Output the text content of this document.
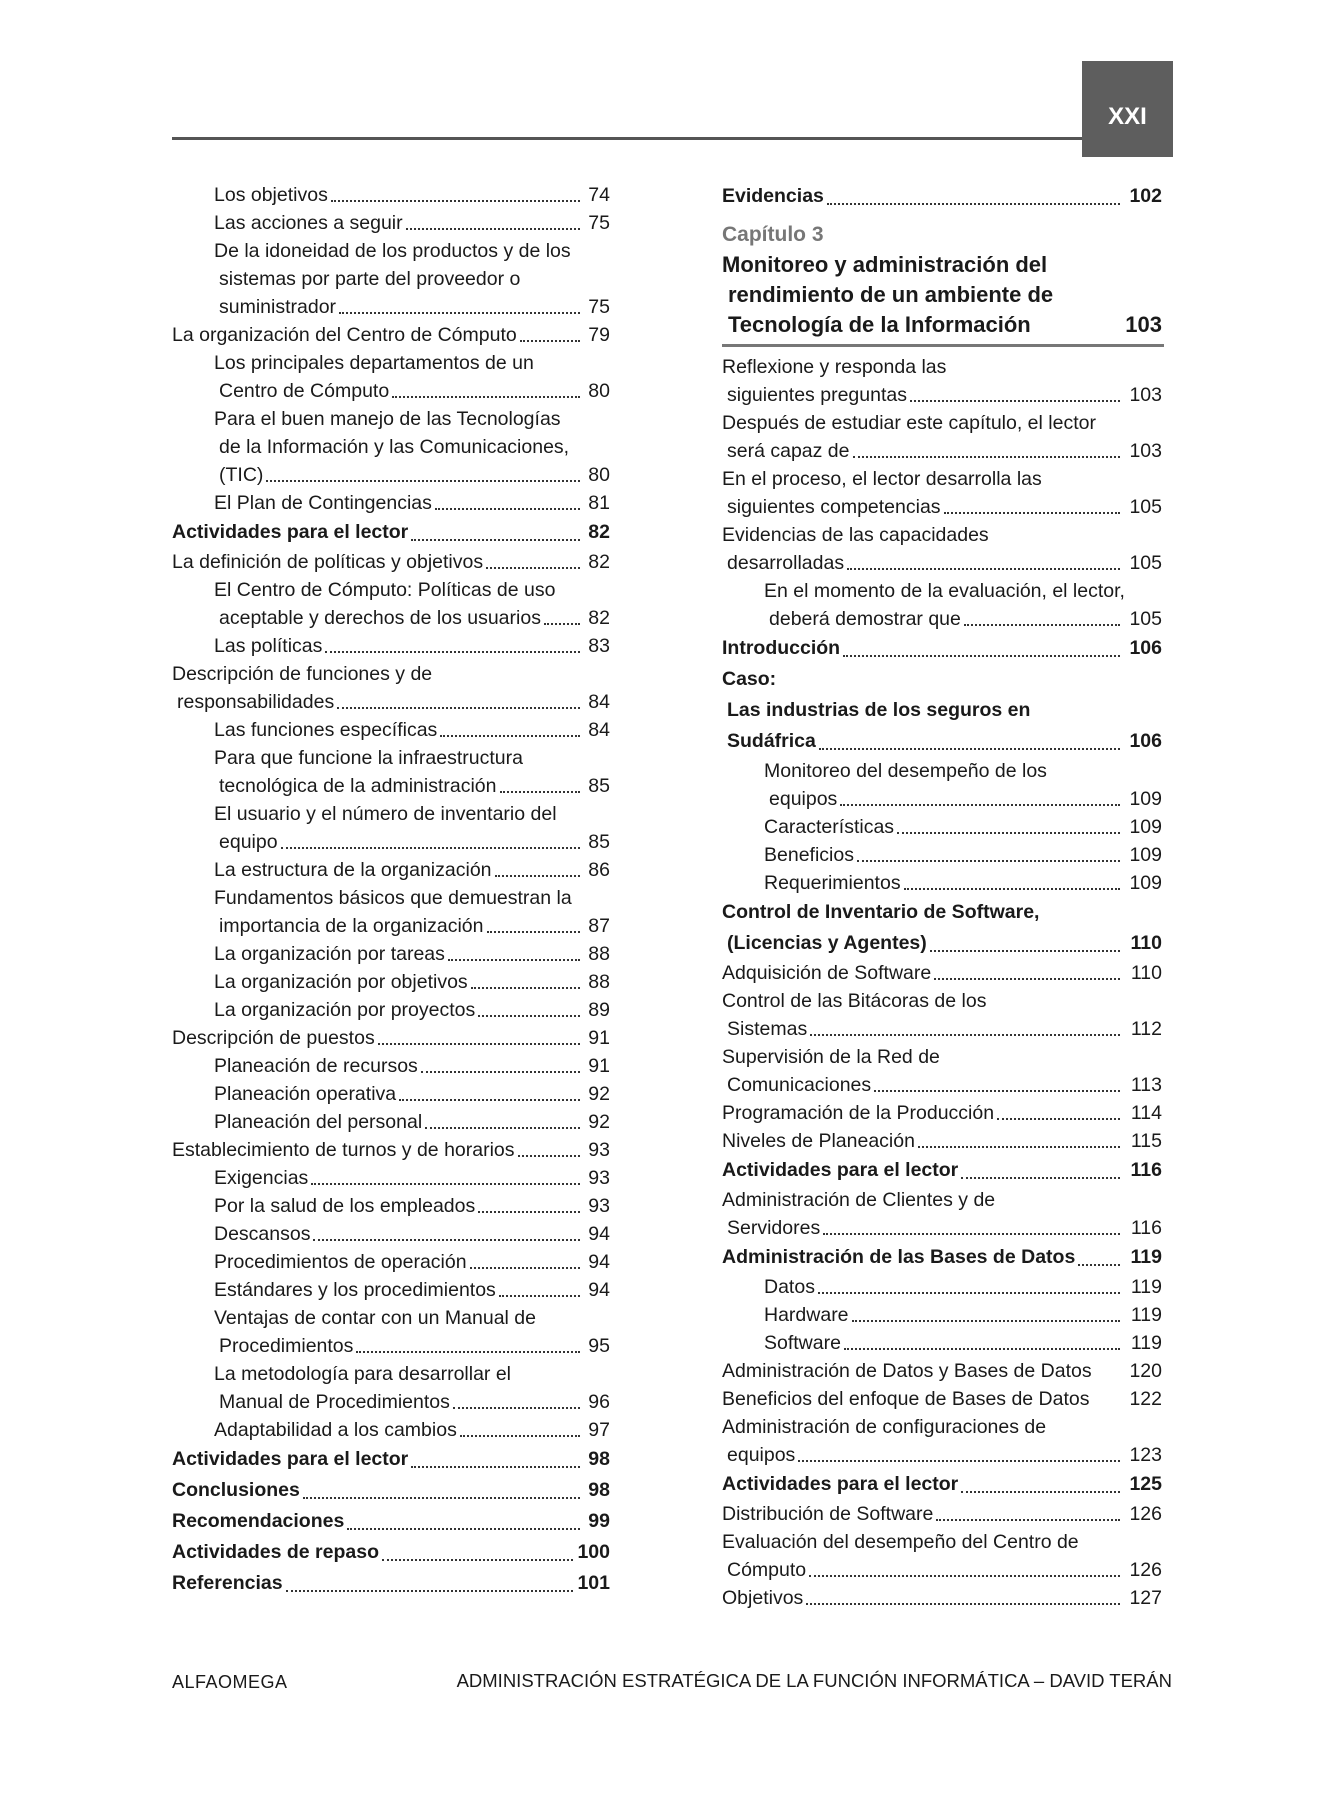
XXI
Los objetivos	74
Las acciones a seguir	75
De la idoneidad de los productos y de los
sistemas por parte del proveedor o
suministrador	75
La organización del Centro de Cómputo	79
Los principales departamentos de un
Centro de Cómputo	80
Para el buen manejo de las Tecnologías
de la Información y las Comunicaciones,
(TIC)	80
El Plan de Contingencias	81
Actividades para el lector	82
La definición de políticas y objetivos	82
El Centro de Cómputo: Políticas de uso
aceptable y derechos de los usuarios 82
Las políticas	83
Descripción de funciones y de
responsabilidades	84
Las funciones específicas	84
Para que funcione la infraestructura
tecnológica de la administración	85
El usuario y el número de inventario del
equipo	85
La estructura de la organización	86
Fundamentos básicos que demuestran la
importancia de la organización	87
La organización por tareas	88
La organización por objetivos	88
La organización por proyectos	89
Descripción de puestos	91
Planeación de recursos	91
Planeación operativa	92
Planeación del personal	92
Establecimiento de turnos y de horarios	93
Exigencias	93
Por la salud de los empleados	93
Descansos	94
Procedimientos de operación	94
Estándares y los procedimientos	94
Ventajas de contar con un Manual de
Procedimientos	95
La metodología para desarrollar el
Manual de Procedimientos	96
Adaptabilidad a los cambios	97
Actividades para el lector	98
Conclusiones	98
Recomendaciones	99
Actividades de repaso	100
Referencias	101
Evidencias	102
Capítulo 3
Monitoreo y administración del
rendimiento de un ambiente de
Tecnología de la Información	103
Reflexione y responda las
siguientes preguntas	103
Después de estudiar este capítulo, el lector
será capaz de	103
En el proceso, el lector desarrolla las
siguientes competencias	105
Evidencias de las capacidades
desarrolladas	105
En el momento de la evaluación, el lector,
deberá demostrar que	105
Introducción	106
Caso:
Las industrias de los seguros en
Sudáfrica	106
Monitoreo del desempeño de los
equipos	109
Características	109
Beneficios	109
Requerimientos	109
Control de Inventario de Software,
(Licencias y Agentes)	110
Adquisición de Software	110
Control de las Bitácoras de los
Sistemas	112
Supervisión de la Red de
Comunicaciones	113
Programación de la Producción	114
Niveles de Planeación	115
Actividades para el lector	116
Administración de Clientes y de
Servidores	116
Administración de las Bases de Datos	119
Datos	119
Hardware	119
Software	119
Administración de Datos y Bases de Datos 120
Beneficios del enfoque de Bases de Datos 122
Administración de configuraciones de
equipos	123
Actividades para el lector	125
Distribución de Software	126
Evaluación del desempeño del Centro de
Cómputo	126
Objetivos	127
ALFAOMEGA	ADMINISTRACIÓN ESTRATÉGICA DE LA FUNCIÓN INFORMÁTICA – DAVID TERÁN
